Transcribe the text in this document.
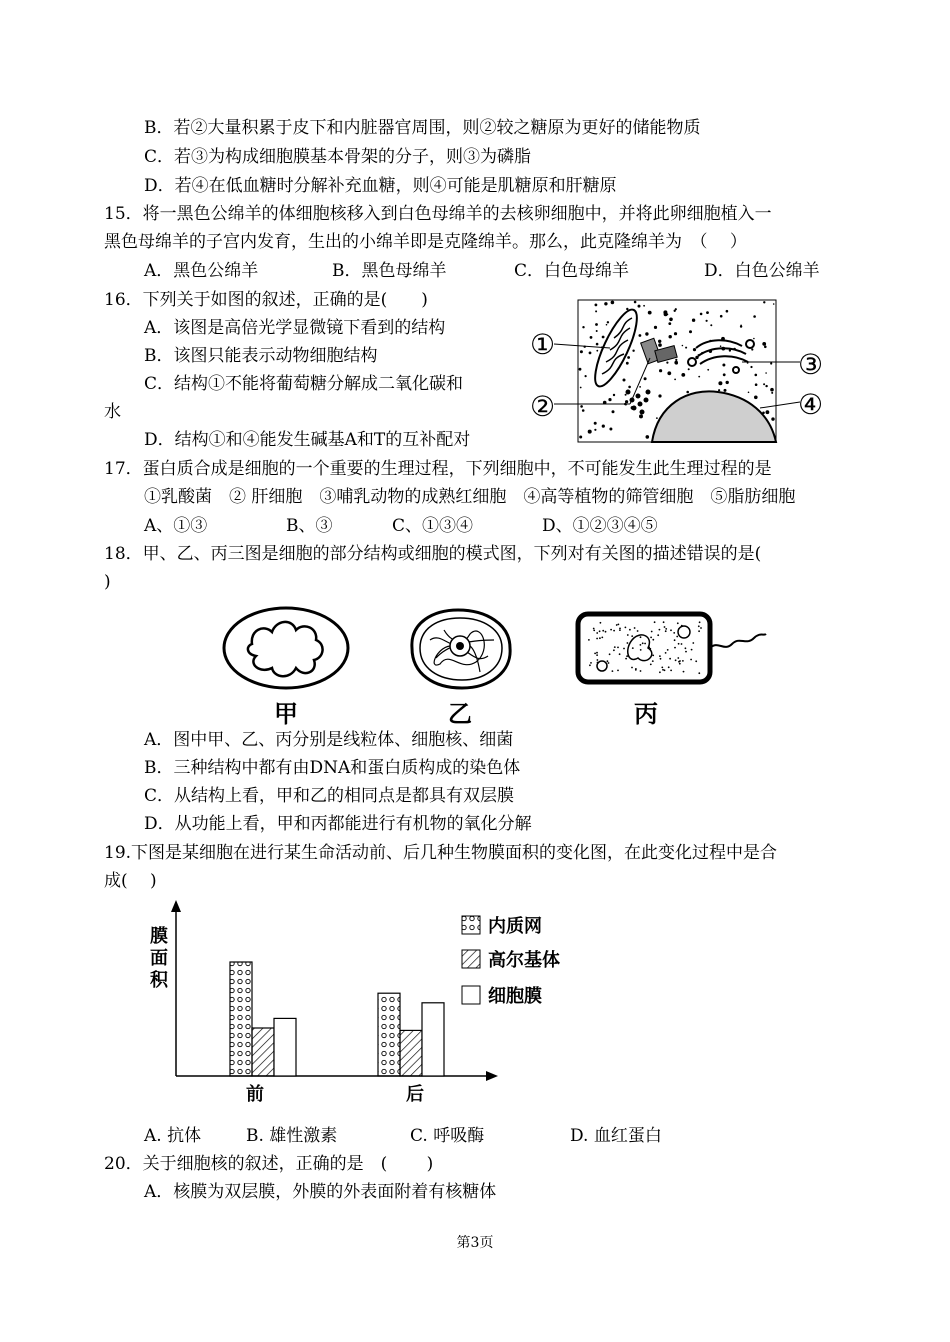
B．若②大量积累于皮下和内脏器官周围，则②较之糖原为更好的储能物质
C．若③为构成细胞膜基本骨架的分子，则③为磷脂
D．若④在低血糖时分解补充血糖，则④可能是肌糖原和肝糖原
15．将一黑色公绵羊的体细胞核移入到白色母绵羊的去核卵细胞中，并将此卵细胞植入一
黑色母绵羊的子宫内发育，生出的小绵羊即是克隆绵羊。那么，此克隆绵羊为　（　 ）
A．黑色公绵羊	B．黑色母绵羊	C．白色母绵羊	D．白色公绵羊
16．下列关于如图的叙述，正确的是(　　)
A．该图是高倍光学显微镜下看到的结构
B．该图只能表示动物细胞结构
C．结构①不能将葡萄糖分解成二氧化碳和
水
D．结构①和④能发生碱基A和T的互补配对
①
②
③
④
17．蛋白质合成是细胞的一个重要的生理过程，下列细胞中，不可能发生此生理过程的是
①乳酸菌　② 肝细胞　③哺乳动物的成熟红细胞　④高等植物的筛管细胞　⑤脂肪细胞
A、①③	B、③	C、①③④	D、①②③④⑤
18．甲、乙、丙三图是细胞的部分结构或细胞的模式图，下列对有关图的描述错误的是(
)
甲	乙	丙
A．图中甲、乙、丙分别是线粒体、细胞核、细菌
B．三种结构中都有由DNA和蛋白质构成的染色体
C．从结构上看，甲和乙的相同点是都具有双层膜
D．从功能上看，甲和丙都能进行有机物的氧化分解
19.下图是某细胞在进行某生命活动前、后几种生物膜面积的变化图，在此变化过程中是合
成(　 )
膜面积
前	后
内质网
高尔基体
细胞膜
A. 抗体	B. 雄性激素	C. 呼吸酶	D. 血红蛋白
20．关于细胞核的叙述，正确的是　(　　 )
A．核膜为双层膜，外膜的外表面附着有核糖体
第3页
